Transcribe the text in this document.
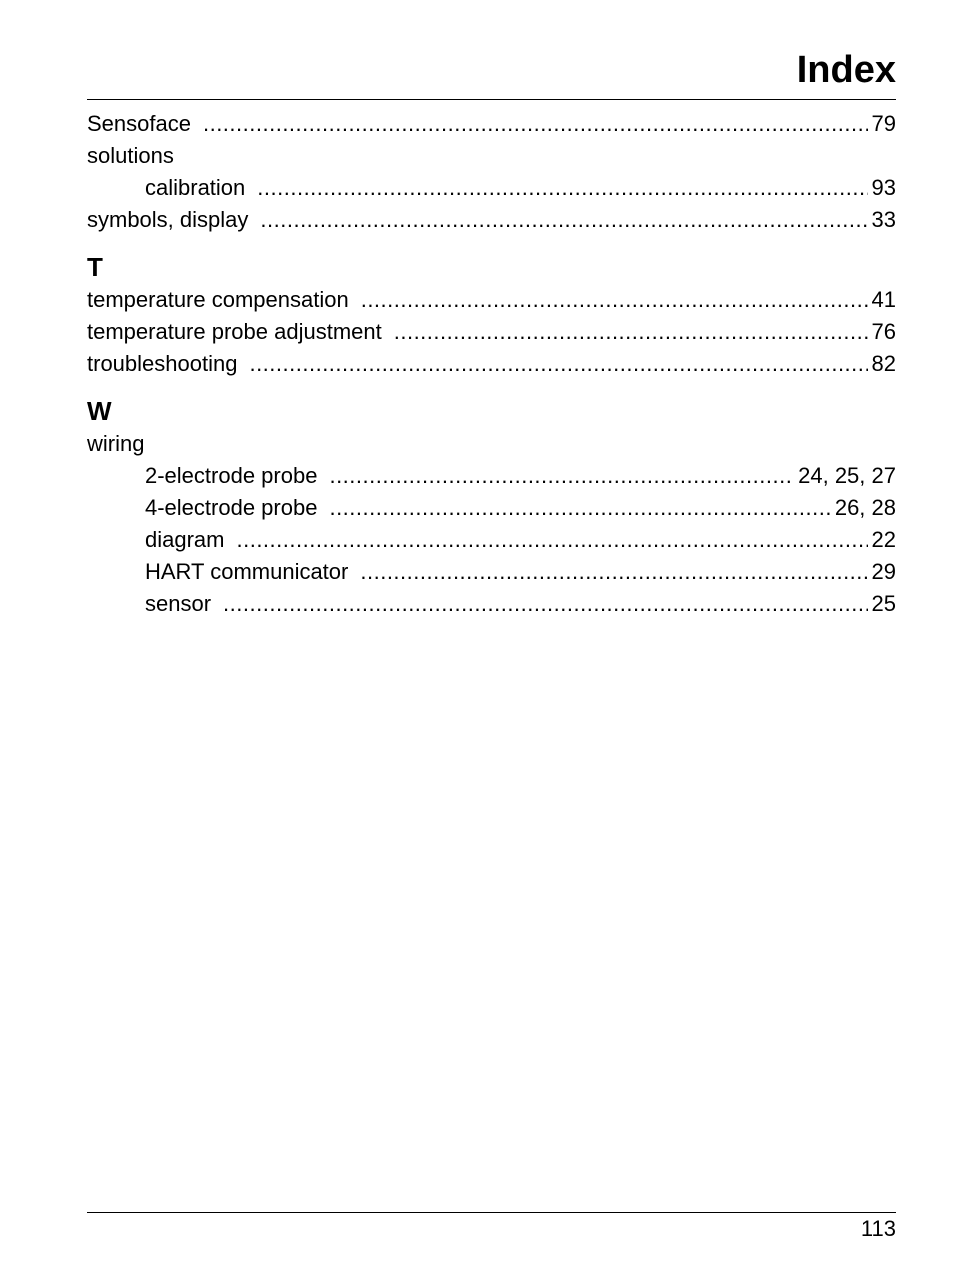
Index
Sensoface .....	79
solutions
calibration .....	93
symbols, display .....	33
T
temperature compensation .....	41
temperature probe adjustment .....	76
troubleshooting .....	82
W
wiring
2-electrode probe .....	24, 25, 27
4-electrode probe .....	26, 28
diagram .....	22
HART communicator .....	29
sensor .....	25
113
